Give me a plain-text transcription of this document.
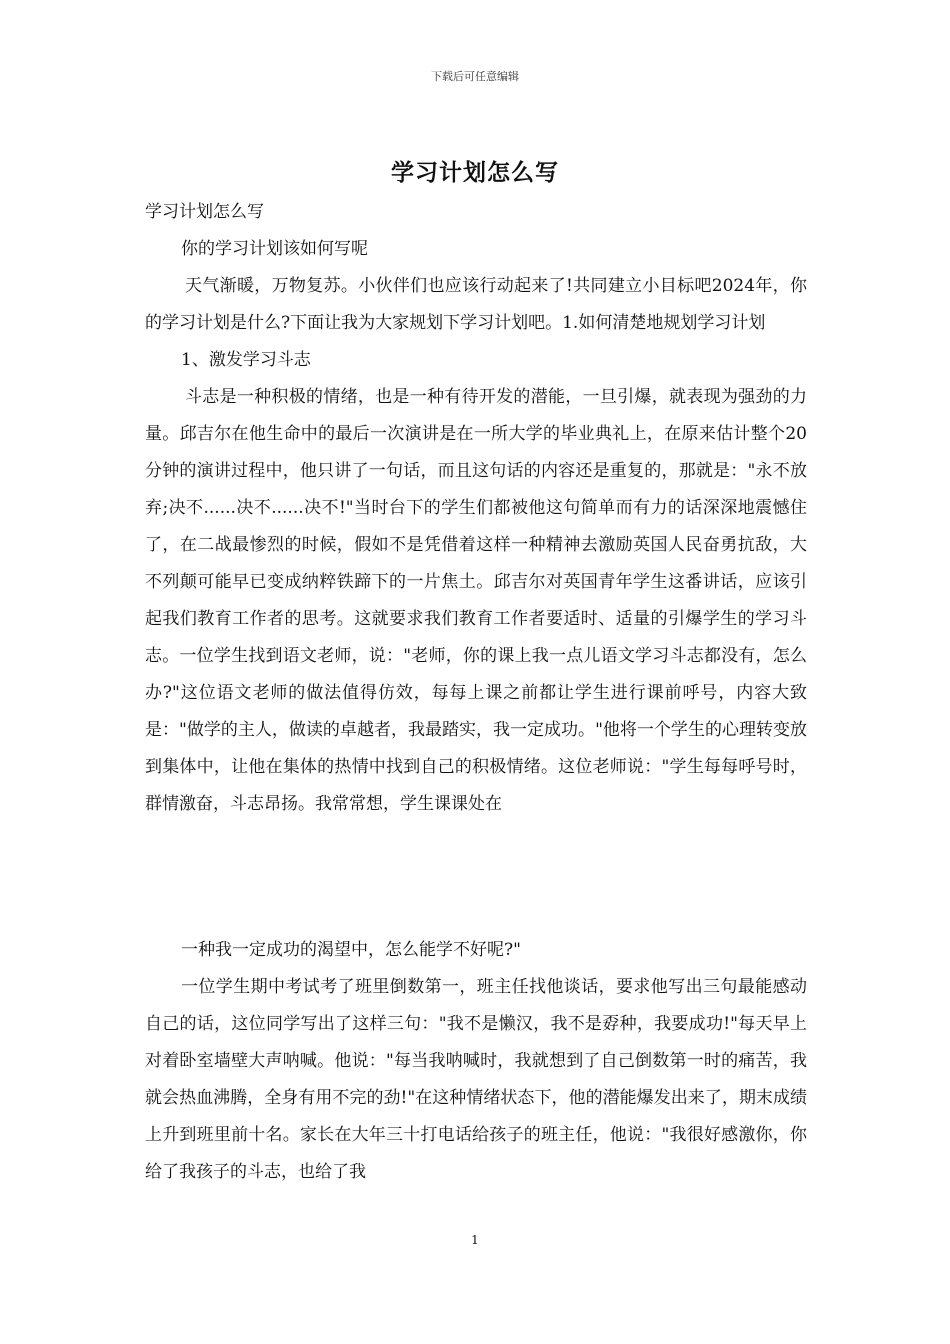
下载后可任意编辑
学习计划怎么写

学习计划怎么写

你的学习计划该如何写呢

天气渐暖，万物复苏。小伙伴们也应该行动起来了!共同建立小目标吧2024年，你的学习计划是什么?下面让我为大家规划下学习计划吧。1.如何清楚地规划学习计划

1、激发学习斗志

斗志是一种积极的情绪，也是一种有待开发的潜能，一旦引爆，就表现为强劲的力量。邱吉尔在他生命中的最后一次演讲是在一所大学的毕业典礼上，在原来估计整个20分钟的演讲过程中，他只讲了一句话，而且这句话的内容还是重复的，那就是："永不放弃;决不......决不......决不!"当时台下的学生们都被他这句简单而有力的话深深地震憾住了，在二战最惨烈的时候，假如不是凭借着这样一种精神去激励英国人民奋勇抗敌，大不列颠可能早已变成纳粹铁蹄下的一片焦土。邱吉尔对英国青年学生这番讲话，应该引起我们教育工作者的思考。这就要求我们教育工作者要适时、适量的引爆学生的学习斗志。一位学生找到语文老师，说："老师，你的课上我一点儿语文学习斗志都没有，怎么办?"这位语文老师的做法值得仿效，每每上课之前都让学生进行课前呼号，内容大致是："做学的主人，做读的卓越者，我最踏实，我一定成功。"他将一个学生的心理转变放到集体中，让他在集体的热情中找到自己的积极情绪。这位老师说："学生每每呼号时，群情激奋，斗志昂扬。我常常想，学生课课处在

一种我一定成功的渴望中，怎么能学不好呢?"

一位学生期中考试考了班里倒数第一，班主任找他谈话，要求他写出三句最能感动自己的话，这位同学写出了这样三句："我不是懒汉，我不是孬种，我要成功!"每天早上对着卧室墙壁大声呐喊。他说："每当我呐喊时，我就想到了自己倒数第一时的痛苦，我就会热血沸腾，全身有用不完的劲!"在这种情绪状态下，他的潜能爆发出来了，期末成绩上升到班里前十名。家长在大年三十打电话给孩子的班主任，他说："我很好感激你，你给了我孩子的斗志，也给了我

1
